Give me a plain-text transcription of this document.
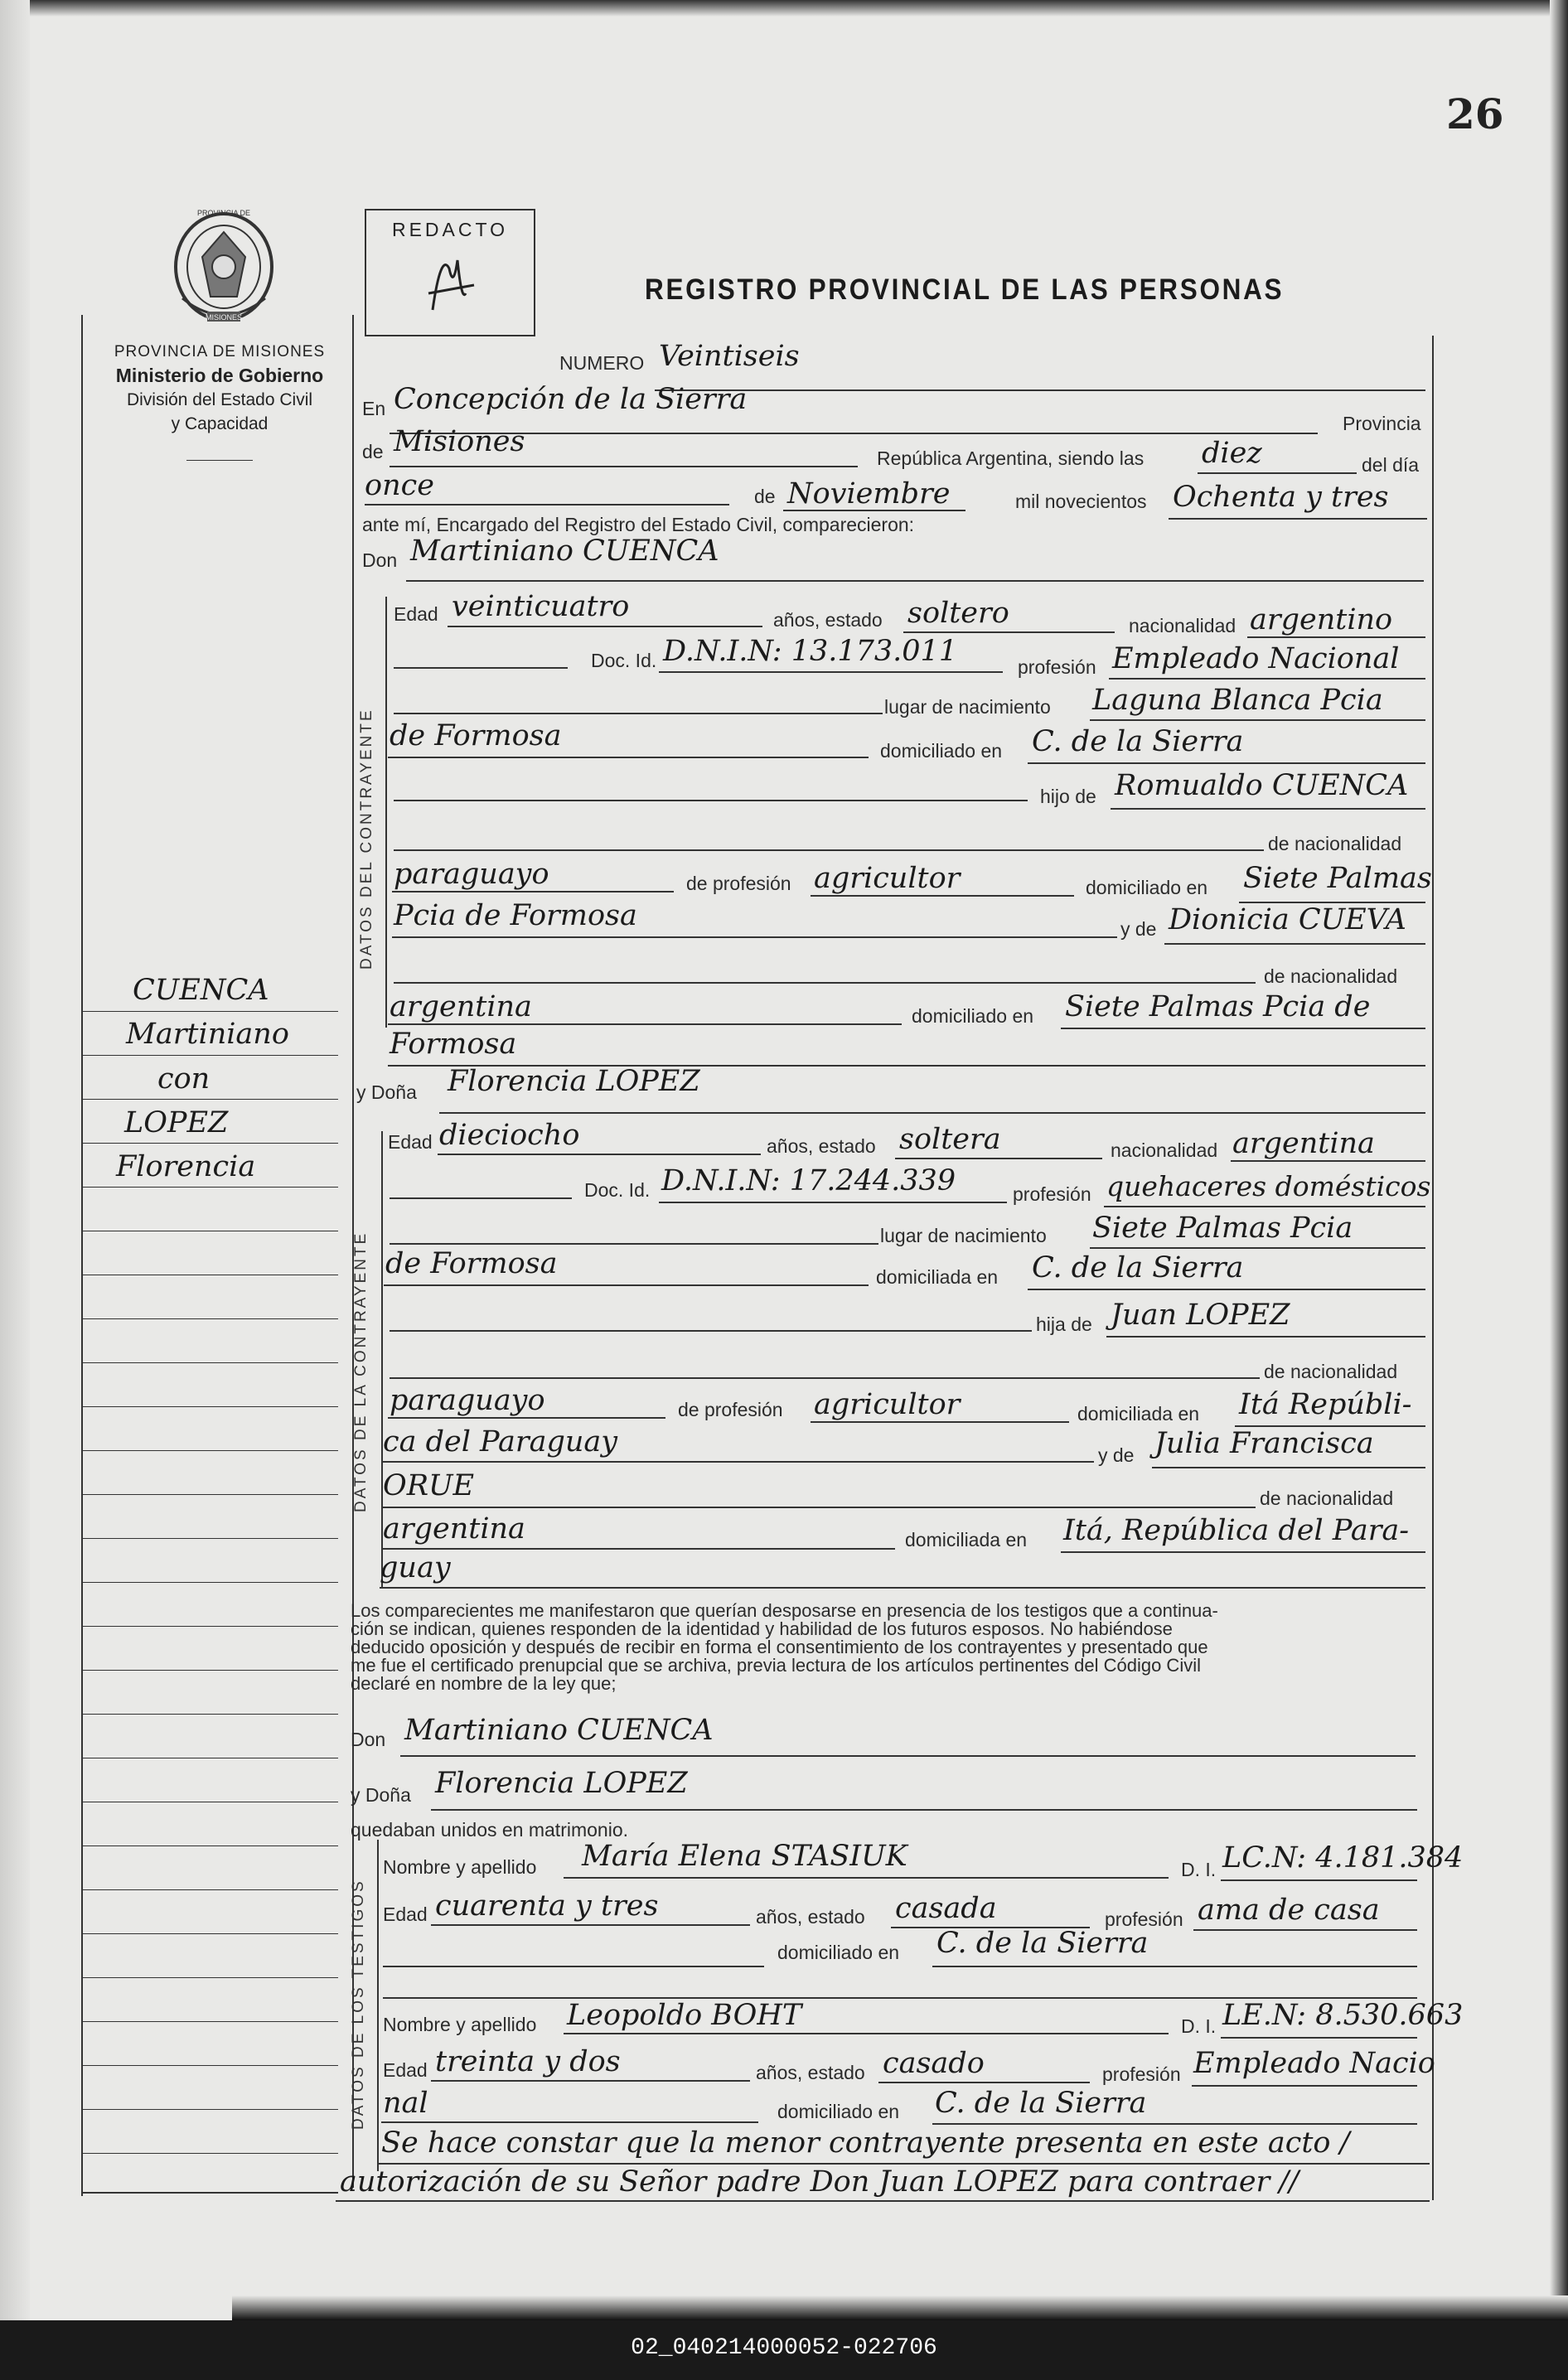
26
PROVINCIA DE
MISIONES
PROVINCIA DE MISIONES
Ministerio de Gobierno
División del Estado Civil
y Capacidad
CUENCA
Martiniano
con
LOPEZ
Florencia
REDACTO
REGISTRO PROVINCIAL DE LAS PERSONAS
NUMERO Veintiseis
En Concepción de la Sierra
Provincia
de Misiones	República Argentina, siendo las diez	del día
once	de Noviembre	mil novecientos Ochenta y tres
ante mí, Encargado del Registro del Estado Civil, comparecieron:
Don Martiniano CUENCA
DATOS DEL CONTRAYENTE
Edad veinticuatro	años, estado soltero	nacionalidad argentino
Doc. Id. D.N.I.N: 13.173.011	profesión Empleado Nacional
lugar de nacimiento Laguna Blanca Pcia
de Formosa	domiciliado en C. de la Sierra
hijo de Romualdo CUENCA
de nacionalidad
paraguayo	de profesión agricultor	domiciliado en Siete Palmas
Pcia de Formosa	y de Dionicia CUEVA
de nacionalidad
argentina	domiciliado en Siete Palmas Pcia de
Formosa
y Doña Florencia LOPEZ
DATOS DE LA CONTRAYENTE
Edad dieciocho	años, estado soltera	nacionalidad argentina
Doc. Id. D.N.I.N: 17.244.339	profesión quehaceres domésticos
lugar de nacimiento Siete Palmas Pcia
de Formosa	domiciliada en C. de la Sierra
hija de Juan LOPEZ
de nacionalidad
paraguayo	de profesión agricultor	domiciliada en Itá Repúbli-
ca del Paraguay	y de Julia Francisca
ORUE	de nacionalidad
argentina	domiciliada en Itá, República del Para-
guay
Los comparecientes me manifestaron que querían desposarse en presencia de los testigos que a continua-
ción se indican, quienes responden de la identidad y habilidad de los futuros esposos. No habiéndose
deducido oposición y después de recibir en forma el consentimiento de los contrayentes y presentado que
me fue el certificado prenupcial que se archiva, previa lectura de los artículos pertinentes del Código Civil
declaré en nombre de la ley que;
Don Martiniano CUENCA
y Doña Florencia LOPEZ
quedaban unidos en matrimonio.
DATOS DE LOS TESTIGOS
Nombre y apellido María Elena STASIUK	D. I. LC.N: 4.181.384
Edad cuarenta y tres	años, estado casada	profesión ama de casa
domiciliado en C. de la Sierra
Nombre y apellido Leopoldo BOHT	D. I. LE.N: 8.530.663
Edad treinta y dos	años, estado casado	profesión Empleado Nacio
nal	domiciliado en C. de la Sierra
Se hace constar que la menor contrayente presenta en este acto /
autorización de su Señor padre Don Juan LOPEZ para contraer //
02_040214000052-022706
